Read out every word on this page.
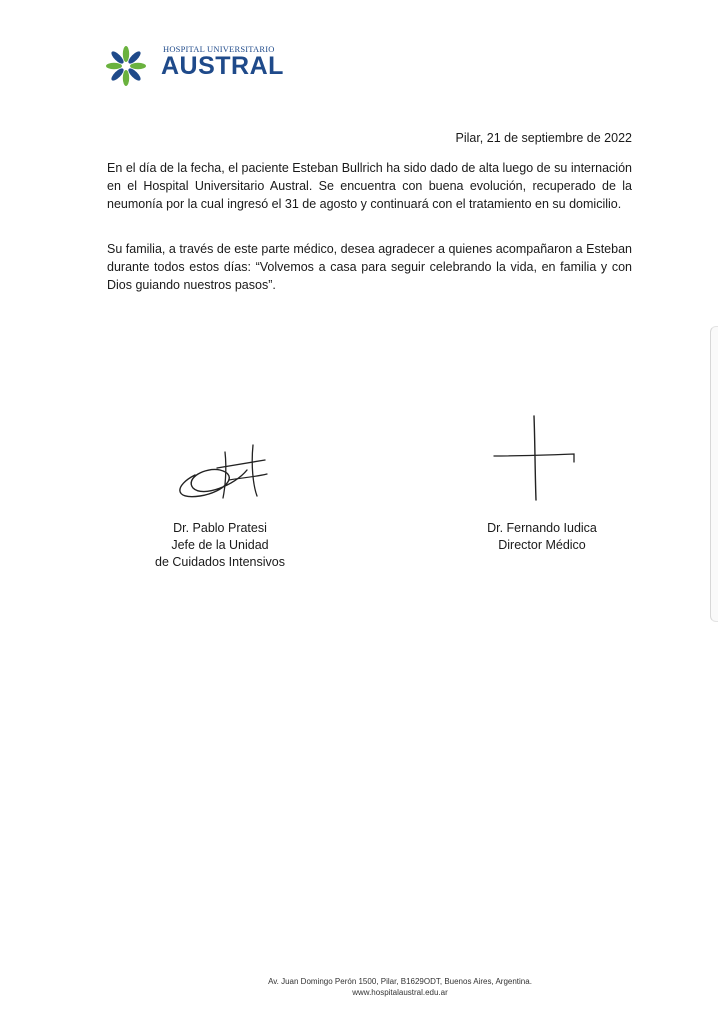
HOSPITAL UNIVERSITARIO
AUSTRAL
Pilar, 21 de septiembre de 2022
En el día de la fecha, el paciente Esteban Bullrich ha sido dado de alta luego de su internación en el Hospital Universitario Austral. Se encuentra con buena evolución, recuperado de la neumonía por la cual ingresó el 31 de agosto y continuará con el tratamiento en su domicilio.
Su familia, a través de este parte médico, desea agradecer a quienes acompañaron a Esteban durante todos estos días: “Volvemos a casa para seguir celebrando la vida, en familia y con Dios guiando nuestros pasos”.
Dr. Pablo Pratesi
Jefe de la Unidad
de Cuidados Intensivos
Dr. Fernando Iudica
Director Médico
Av. Juan Domingo Perón 1500, Pilar, B1629ODT, Buenos Aires, Argentina.
www.hospitalaustral.edu.ar
